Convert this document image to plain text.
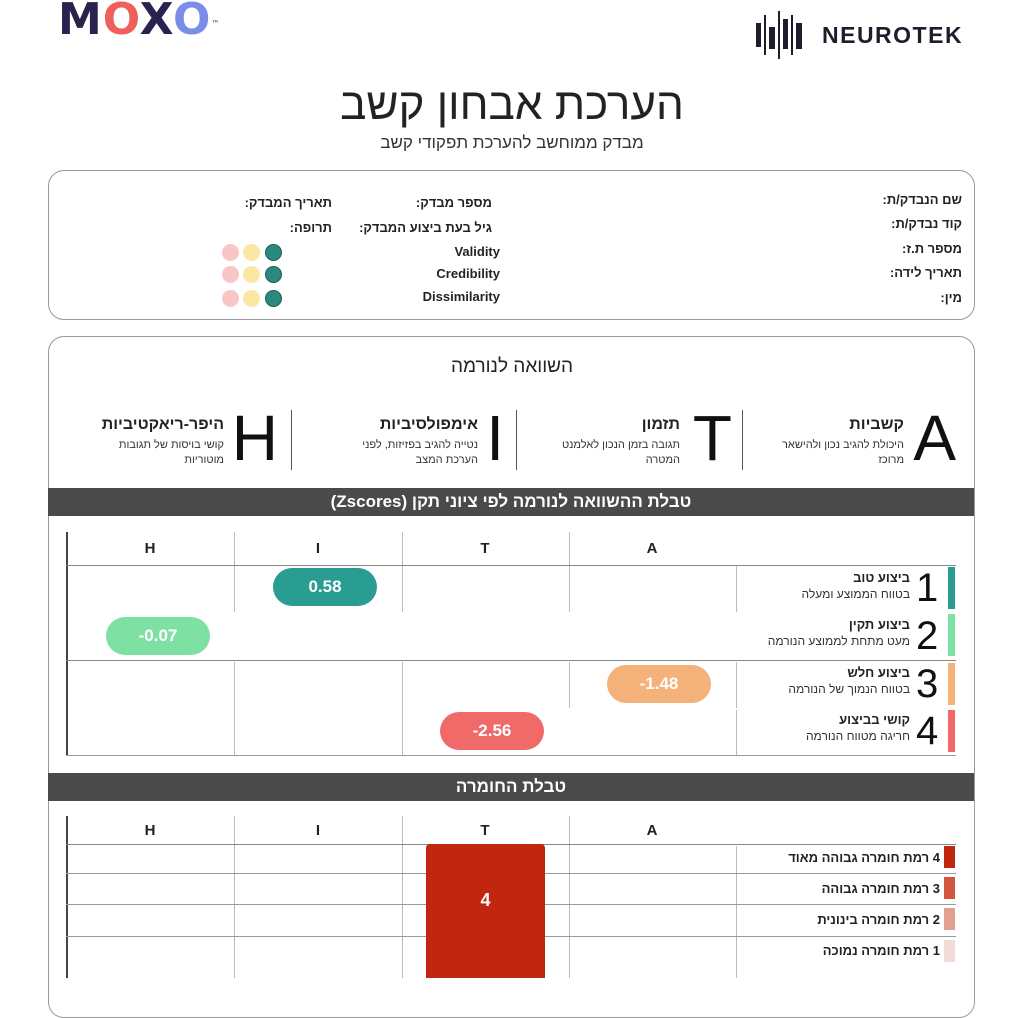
MOXO™	NEUROTEK
הערכת אבחון קשב
מבדק ממוחשב להערכת תפקודי קשב
שם הנבדק/ת:
קוד נבדק/ת:
מספר ת.ז:
תאריך לידה:
מין:
מספר מבדק:
גיל בעת ביצוע המבדק:
תאריך המבדק:
תרופה:
Validity
Credibility
Dissimilarity
השוואה לנורמה
A
קשביות
היכולת להגיב נכון ולהישאר מרוכז
T
תזמון
תגובה בזמן הנכון לאלמנט המטרה
I
אימפולסיביות
נטייה להגיב בפזיזות, לפני הערכת המצב
H
היפר-ריאקטיביות
קושי בויסות של תגובות מוטוריות
טבלת ההשוואה לנורמה לפי ציוני תקן (Zscores)
A
T
I
H
1
ביצוע טוב
בטווח הממוצע ומעלה
2
ביצוע תקין
מעט מתחת לממוצע הנורמה
3
ביצוע חלש
בטווח הנמוך של הנורמה
4
קושי בביצוע
חריגה מטווח הנורמה
0.58
-0.07
-1.48
-2.56
טבלת החומרה
A
T
I
H
4 רמת חומרה גבוהה מאוד
3 רמת חומרה גבוהה
2 רמת חומרה בינונית
1 רמת חומרה נמוכה
4
